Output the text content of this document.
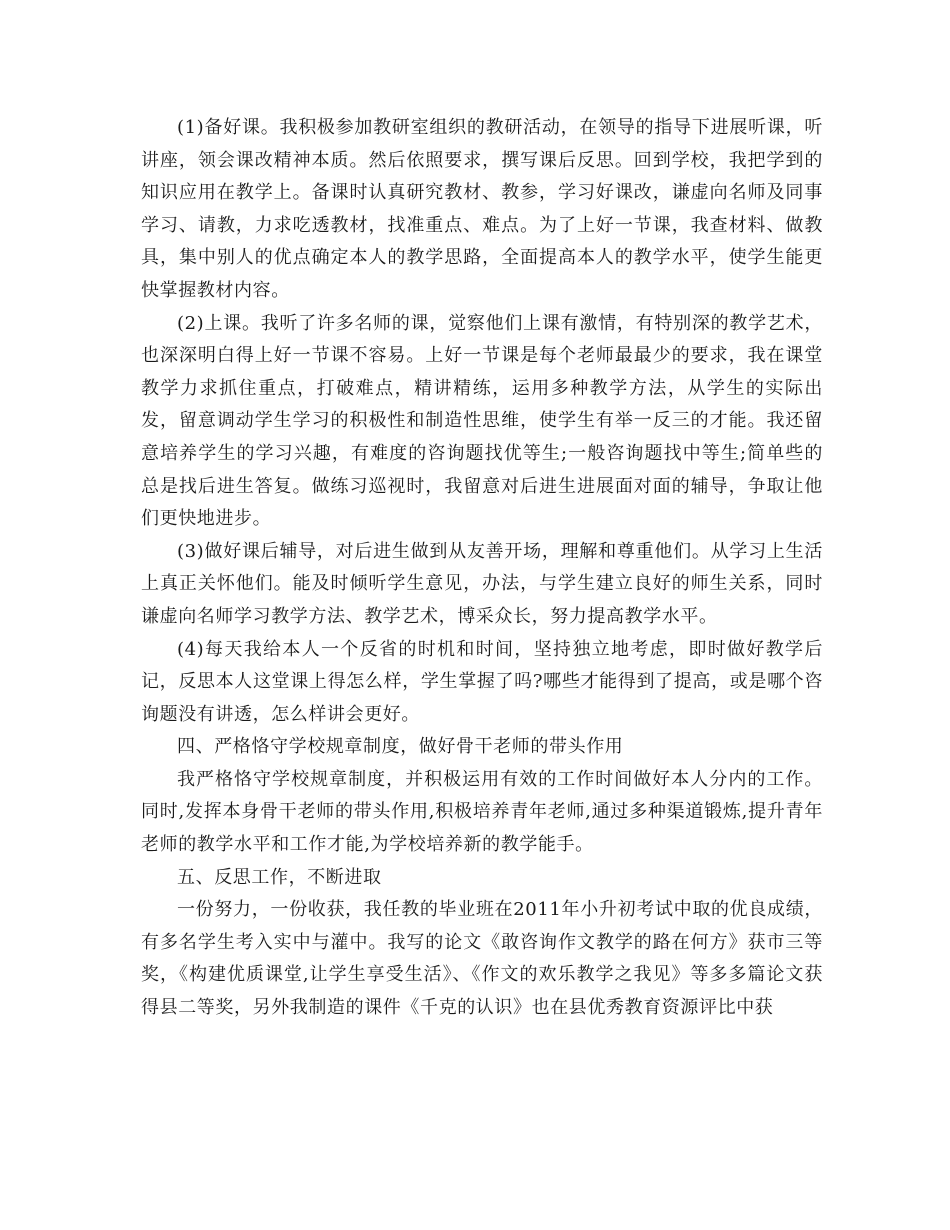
(1)备好课。我积极参加教研室组织的教研活动，在领导的指导下进展听课，听讲座，领会课改精神本质。然后依照要求，撰写课后反思。回到学校，我把学到的知识应用在教学上。备课时认真研究教材、教参，学习好课改，谦虚向名师及同事学习、请教，力求吃透教材，找准重点、难点。为了上好一节课，我查材料、做教具，集中别人的优点确定本人的教学思路，全面提高本人的教学水平，使学生能更快掌握教材内容。

(2)上课。我听了许多名师的课，觉察他们上课有激情，有特别深的教学艺术，也深深明白得上好一节课不容易。上好一节课是每个老师最最少的要求，我在课堂教学力求抓住重点，打破难点，精讲精练，运用多种教学方法，从学生的实际出发，留意调动学生学习的积极性和制造性思维，使学生有举一反三的才能。我还留意培养学生的学习兴趣，有难度的咨询题找优等生;一般咨询题找中等生;简单些的总是找后进生答复。做练习巡视时，我留意对后进生进展面对面的辅导，争取让他们更快地进步。

(3)做好课后辅导，对后进生做到从友善开场，理解和尊重他们。从学习上生活上真正关怀他们。能及时倾听学生意见，办法，与学生建立良好的师生关系，同时谦虚向名师学习教学方法、教学艺术，博采众长，努力提高教学水平。

(4)每天我给本人一个反省的时机和时间，坚持独立地考虑，即时做好教学后记，反思本人这堂课上得怎么样，学生掌握了吗?哪些才能得到了提高，或是哪个咨询题没有讲透，怎么样讲会更好。

四、严格恪守学校规章制度，做好骨干老师的带头作用

我严格恪守学校规章制度，并积极运用有效的工作时间做好本人分内的工作。同时,发挥本身骨干老师的带头作用,积极培养青年老师,通过多种渠道锻炼,提升青年老师的教学水平和工作才能,为学校培养新的教学能手。

五、反思工作，不断进取

一份努力，一份收获，我任教的毕业班在2011年小升初考试中取的优良成绩，有多名学生考入实中与灌中。我写的论文《敢咨询作文教学的路在何方》获市三等奖，《构建优质课堂,让学生享受生活》、《作文的欢乐教学之我见》等多多篇论文获得县二等奖，另外我制造的课件《千克的认识》也在县优秀教育资源评比中获
